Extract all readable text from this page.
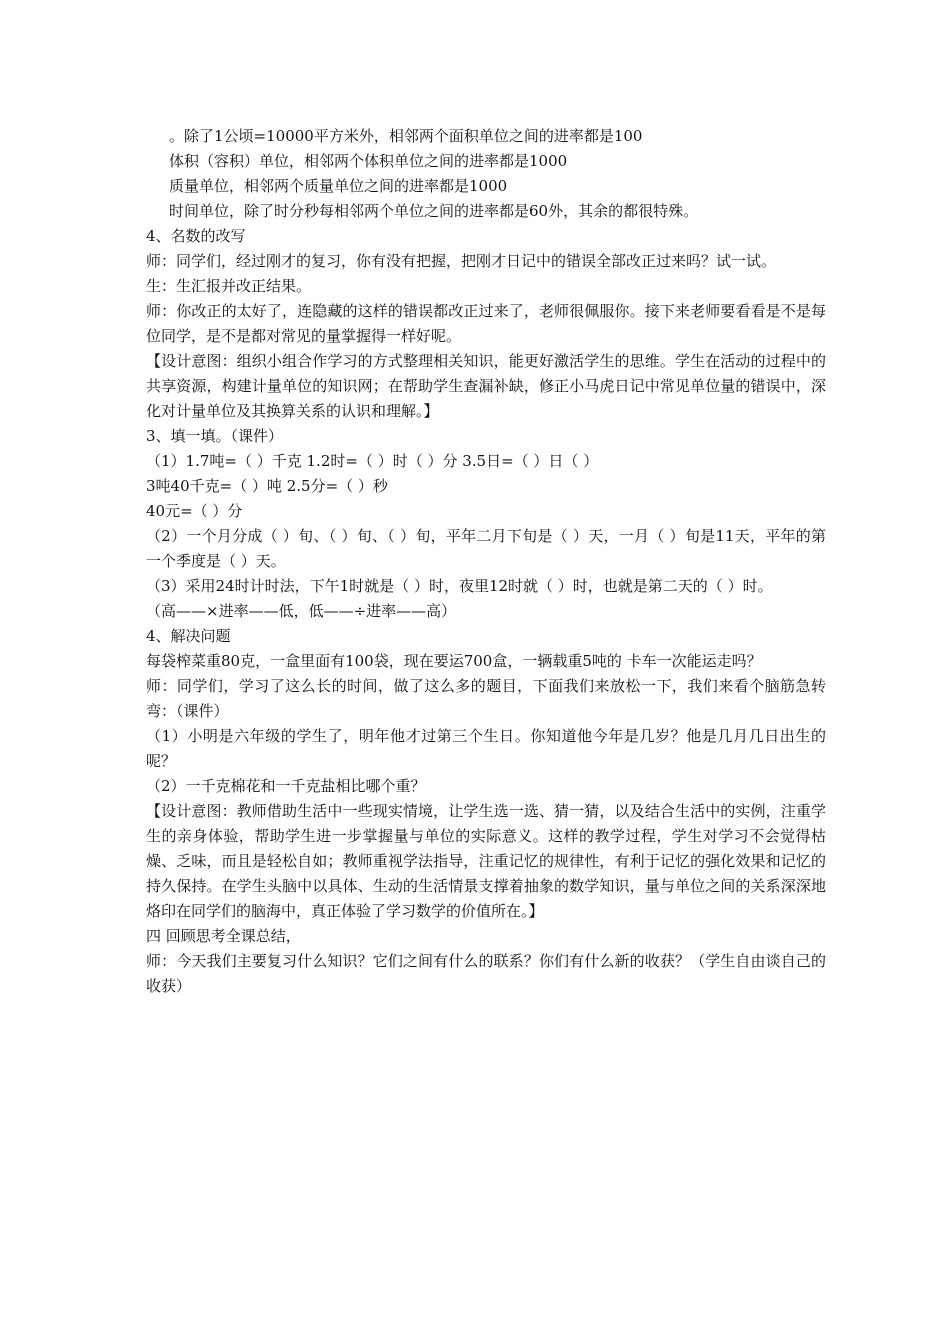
。除了1公顷=10000平方米外，相邻两个面积单位之间的进率都是100

体积（容积）单位，相邻两个体积单位之间的进率都是1000

质量单位，相邻两个质量单位之间的进率都是1000

时间单位，除了时分秒每相邻两个单位之间的进率都是60外，其余的都很特殊。

4、名数的改写

师：同学们，经过刚才的复习，你有没有把握，把刚才日记中的错误全部改正过来吗？试一试。

生：生汇报并改正结果。

师：你改正的太好了，连隐藏的这样的错误都改正过来了，老师很佩服你。接下来老师要看看是不是每位同学，是不是都对常见的量掌握得一样好呢。

【设计意图：组织小组合作学习的方式整理相关知识，能更好激活学生的思维。学生在活动的过程中的共享资源，构建计量单位的知识网；在帮助学生查漏补缺，修正小马虎日记中常见单位量的错误中，深化对计量单位及其换算关系的认识和理解。】

3、填一填。（课件）

（1）1.7吨=（ ）千克 1.2时=（ ）时（ ）分 3.5日=（ ）日（ ）

3吨40千克=（ ）吨 2.5分=（ ）秒

40元=（ ）分

（2）一个月分成（ ）旬、（ ）旬、（ ）旬，平年二月下旬是（ ）天，一月（ ）旬是11天，平年的第一个季度是（ ）天。

（3）采用24时计时法，下午1时就是（ ）时，夜里12时就（ ）时，也就是第二天的（ ）时。

（高——×进率——低，低——÷进率——高）

4、解决问题

每袋榨菜重80克，一盒里面有100袋，现在要运700盒，一辆载重5吨的 卡车一次能运走吗？

师：同学们，学习了这么长的时间，做了这么多的题目，下面我们来放松一下，我们来看个脑筋急转弯：（课件）

（1）小明是六年级的学生了，明年他才过第三个生日。你知道他今年是几岁？他是几月几日出生的呢？

（2）一千克棉花和一千克盐相比哪个重？

【设计意图：教师借助生活中一些现实情境，让学生选一选、猜一猜，以及结合生活中的实例，注重学生的亲身体验，帮助学生进一步掌握量与单位的实际意义。这样的教学过程，学生对学习不会觉得枯燥、乏味，而且是轻松自如；教师重视学法指导，注重记忆的规律性，有利于记忆的强化效果和记忆的持久保持。在学生头脑中以具体、生动的生活情景支撑着抽象的数学知识，量与单位之间的关系深深地烙印在同学们的脑海中，真正体验了学习数学的价值所在。】

四 回顾思考全课总结，

师：今天我们主要复习什么知识？它们之间有什么的联系？你们有什么新的收获？（学生自由谈自己的收获）
